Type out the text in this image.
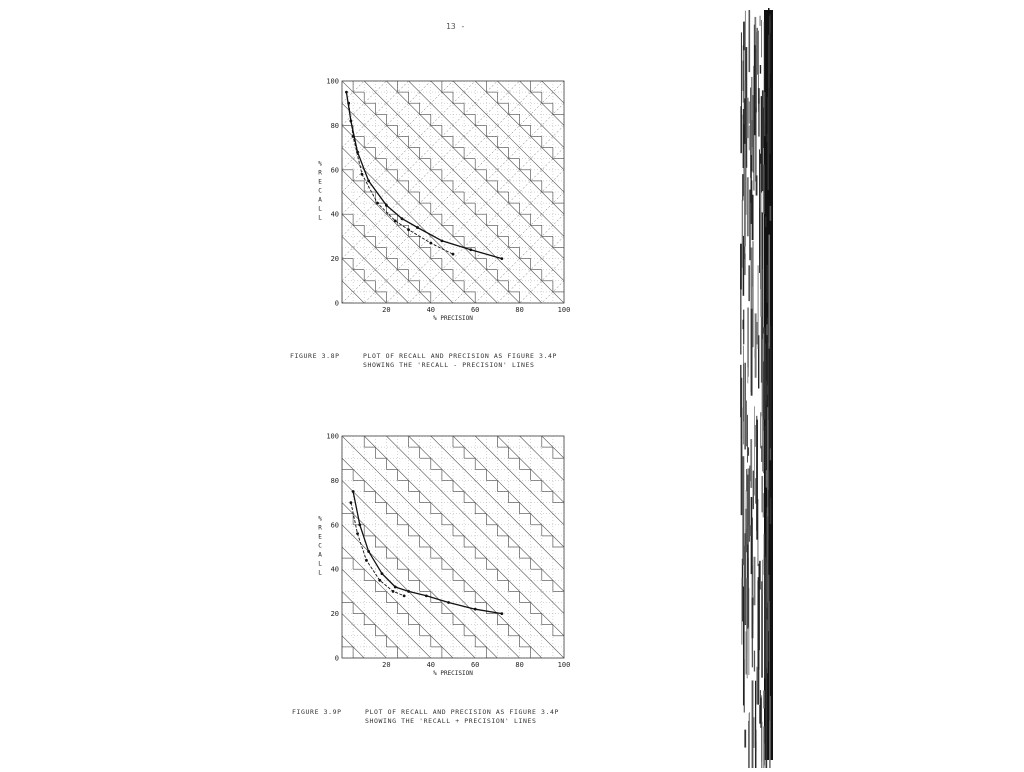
13 -
0
20
40
60
80
100
20	40	60	80	100
% PRECISION
%
R
E
C
A
L
L
FIGURE 3.8P	PLOT OF RECALL AND PRECISION AS FIGURE 3.4P
SHOWING THE 'RECALL - PRECISION' LINES
0
20
40
60
80
100
20	40	60	80	100
% PRECISION
%
R
E
C
A
L
L
FIGURE 3.9P	PLOT OF RECALL AND PRECISION AS FIGURE 3.4P
SHOWING THE 'RECALL + PRECISION' LINES
